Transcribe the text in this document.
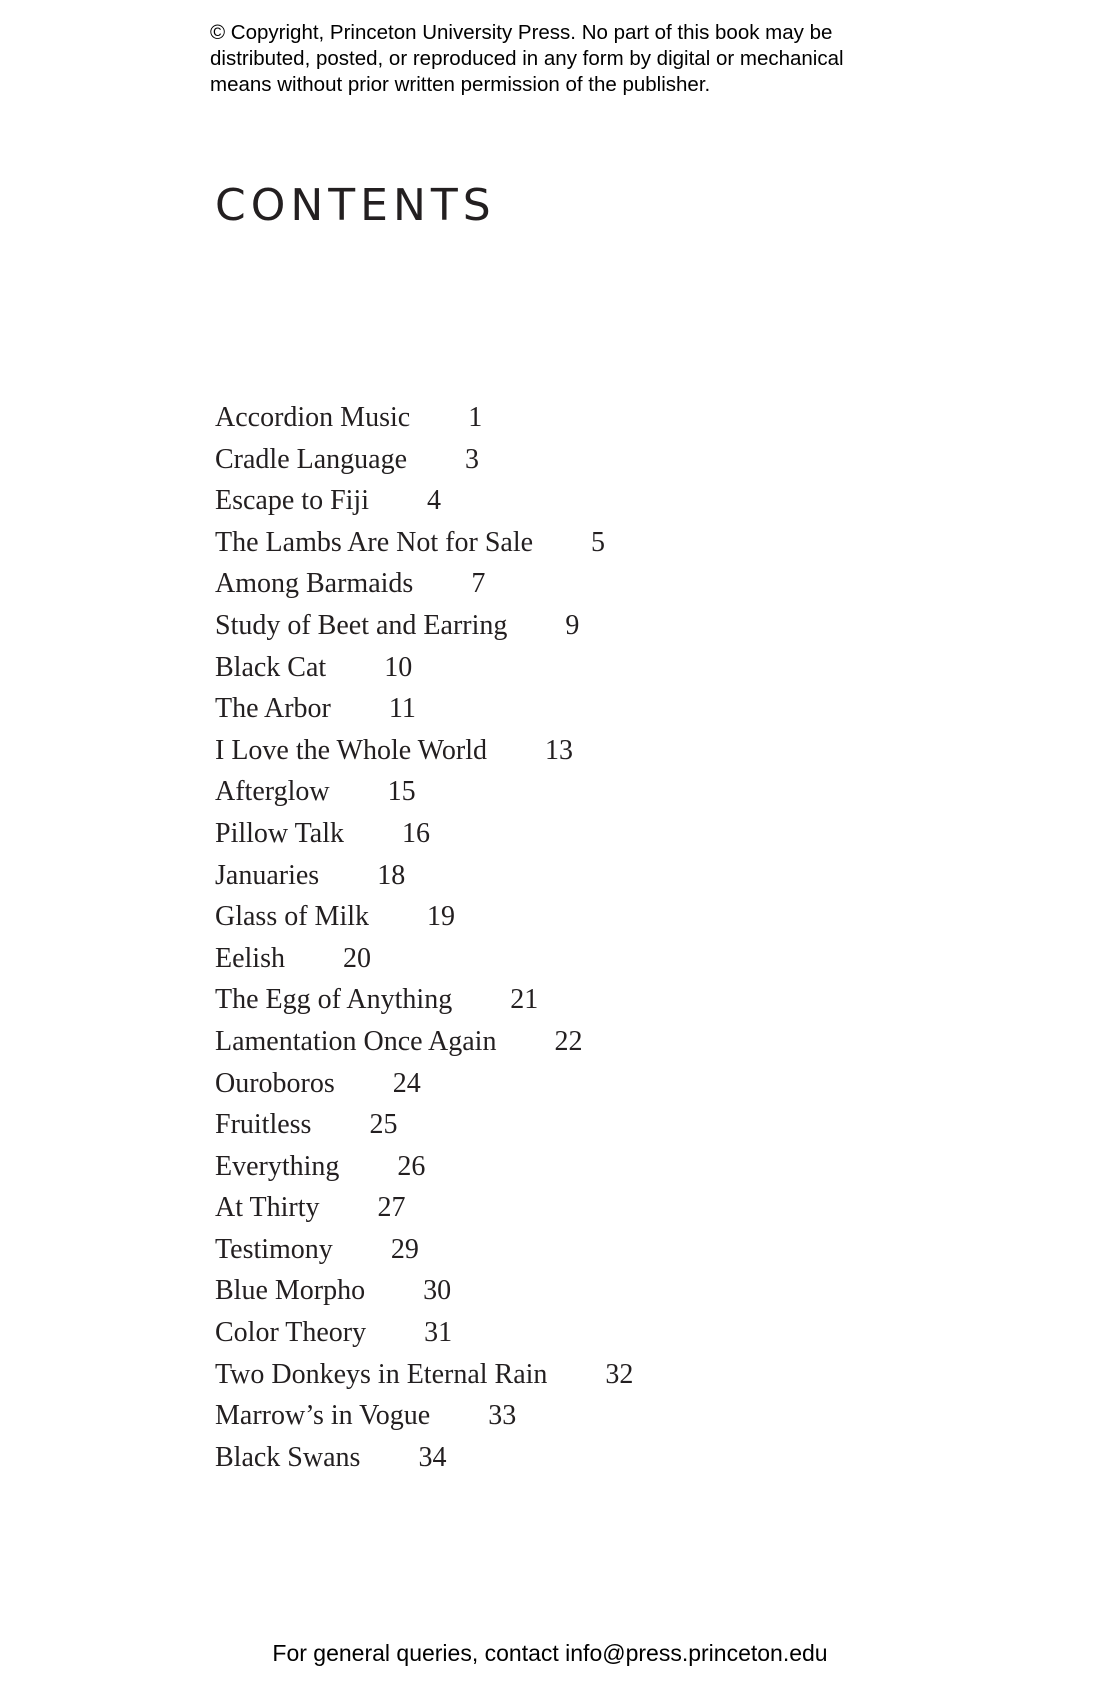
© Copyright, Princeton University Press. No part of this book may be
distributed, posted, or reproduced in any form by digital or mechanical
means without prior written permission of the publisher.
CONTENTS
Accordion Music 1
Cradle Language 3
Escape to Fiji 4
The Lambs Are Not for Sale 5
Among Barmaids 7
Study of Beet and Earring 9
Black Cat 10
The Arbor 11
I Love the Whole World 13
Afterglow 15
Pillow Talk 16
Januaries 18
Glass of Milk 19
Eelish 20
The Egg of Anything 21
Lamentation Once Again 22
Ouroboros 24
Fruitless 25
Everything 26
At Thirty 27
Testimony 29
Blue Morpho 30
Color Theory 31
Two Donkeys in Eternal Rain 32
Marrow’s in Vogue 33
Black Swans 34

For general queries, contact info@press.princeton.edu
